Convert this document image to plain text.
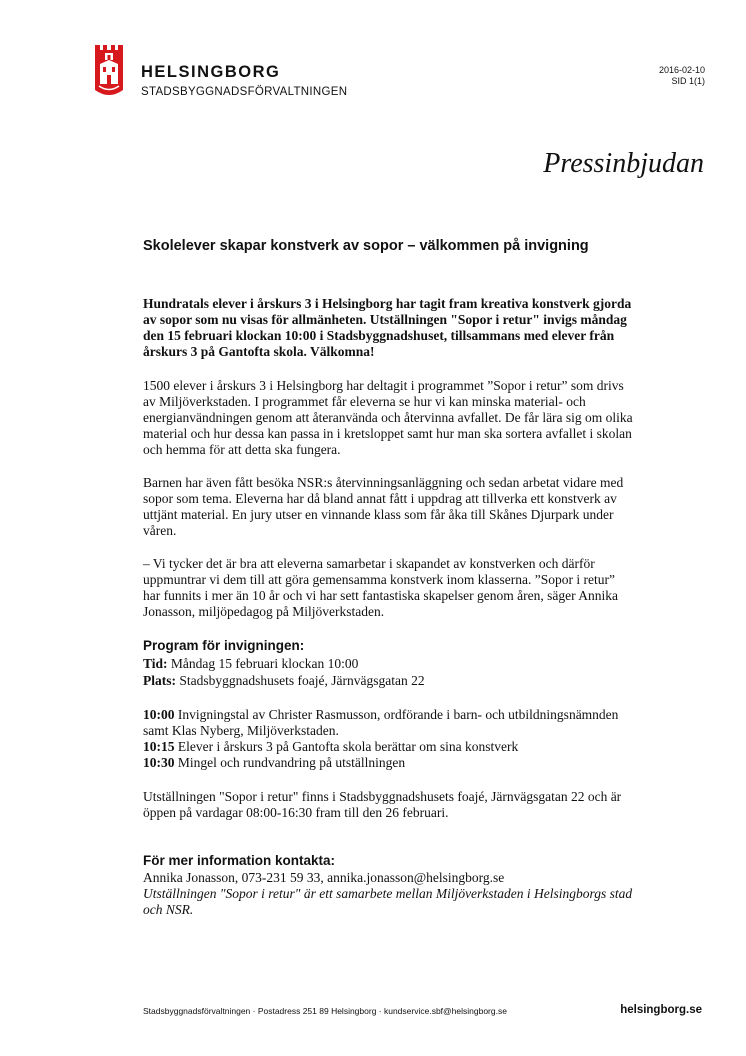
HELSINGBORG
STADSBYGGNADSFÖRVALTNINGEN
2016-02-10
SID 1(1)
Pressinbjudan
Skolelever skapar konstverk av sopor – välkommen på invigning

Hundratals elever i årskurs 3 i Helsingborg har tagit fram kreativa konstverk gjorda av sopor som nu visas för allmänheten. Utställningen "Sopor i retur" invigs måndag den 15 februari klockan 10:00 i Stadsbyggnadshuset, tillsammans med elever från årskurs 3 på Gantofta skola. Välkomna!

1500 elever i årskurs 3 i Helsingborg har deltagit i programmet ”Sopor i retur” som drivs av Miljöverkstaden. I programmet får eleverna se hur vi kan minska material- och energianvändningen genom att återanvända och återvinna avfallet. De får lära sig om olika material och hur dessa kan passa in i kretsloppet samt hur man ska sortera avfallet i skolan och hemma för att detta ska fungera.

Barnen har även fått besöka NSR:s återvinningsanläggning och sedan arbetat vidare med sopor som tema. Eleverna har då bland annat fått i uppdrag att tillverka ett konstverk av uttjänt material. En jury utser en vinnande klass som får åka till Skånes Djurpark under våren.

– Vi tycker det är bra att eleverna samarbetar i skapandet av konstverken och därför uppmuntrar vi dem till att göra gemensamma konstverk inom klasserna. ”Sopor i retur” har funnits i mer än 10 år och vi har sett fantastiska skapelser genom åren, säger Annika Jonasson, miljöpedagog på Miljöverkstaden.

Program för invigningen:
Tid: Måndag 15 februari klockan 10:00
Plats: Stadsbyggnadshusets foajé, Järnvägsgatan 22
10:00 Invigningstal av Christer Rasmusson, ordförande i barn- och utbildningsnämnden samt Klas Nyberg, Miljöverkstaden.
10:15 Elever i årskurs 3 på Gantofta skola berättar om sina konstverk
10:30 Mingel och rundvandring på utställningen

Utställningen "Sopor i retur" finns i Stadsbyggnadshusets foajé, Järnvägsgatan 22 och är öppen på vardagar 08:00-16:30 fram till den 26 februari.

För mer information kontakta:
Annika Jonasson, 073-231 59 33, annika.jonasson@helsingborg.se
Utställningen "Sopor i retur" är ett samarbete mellan Miljöverkstaden i Helsingborgs stad och NSR.
Stadsbyggnadsförvaltningen · Postadress 251 89 Helsingborg · kundservice.sbf@helsingborg.se	helsingborg.se
